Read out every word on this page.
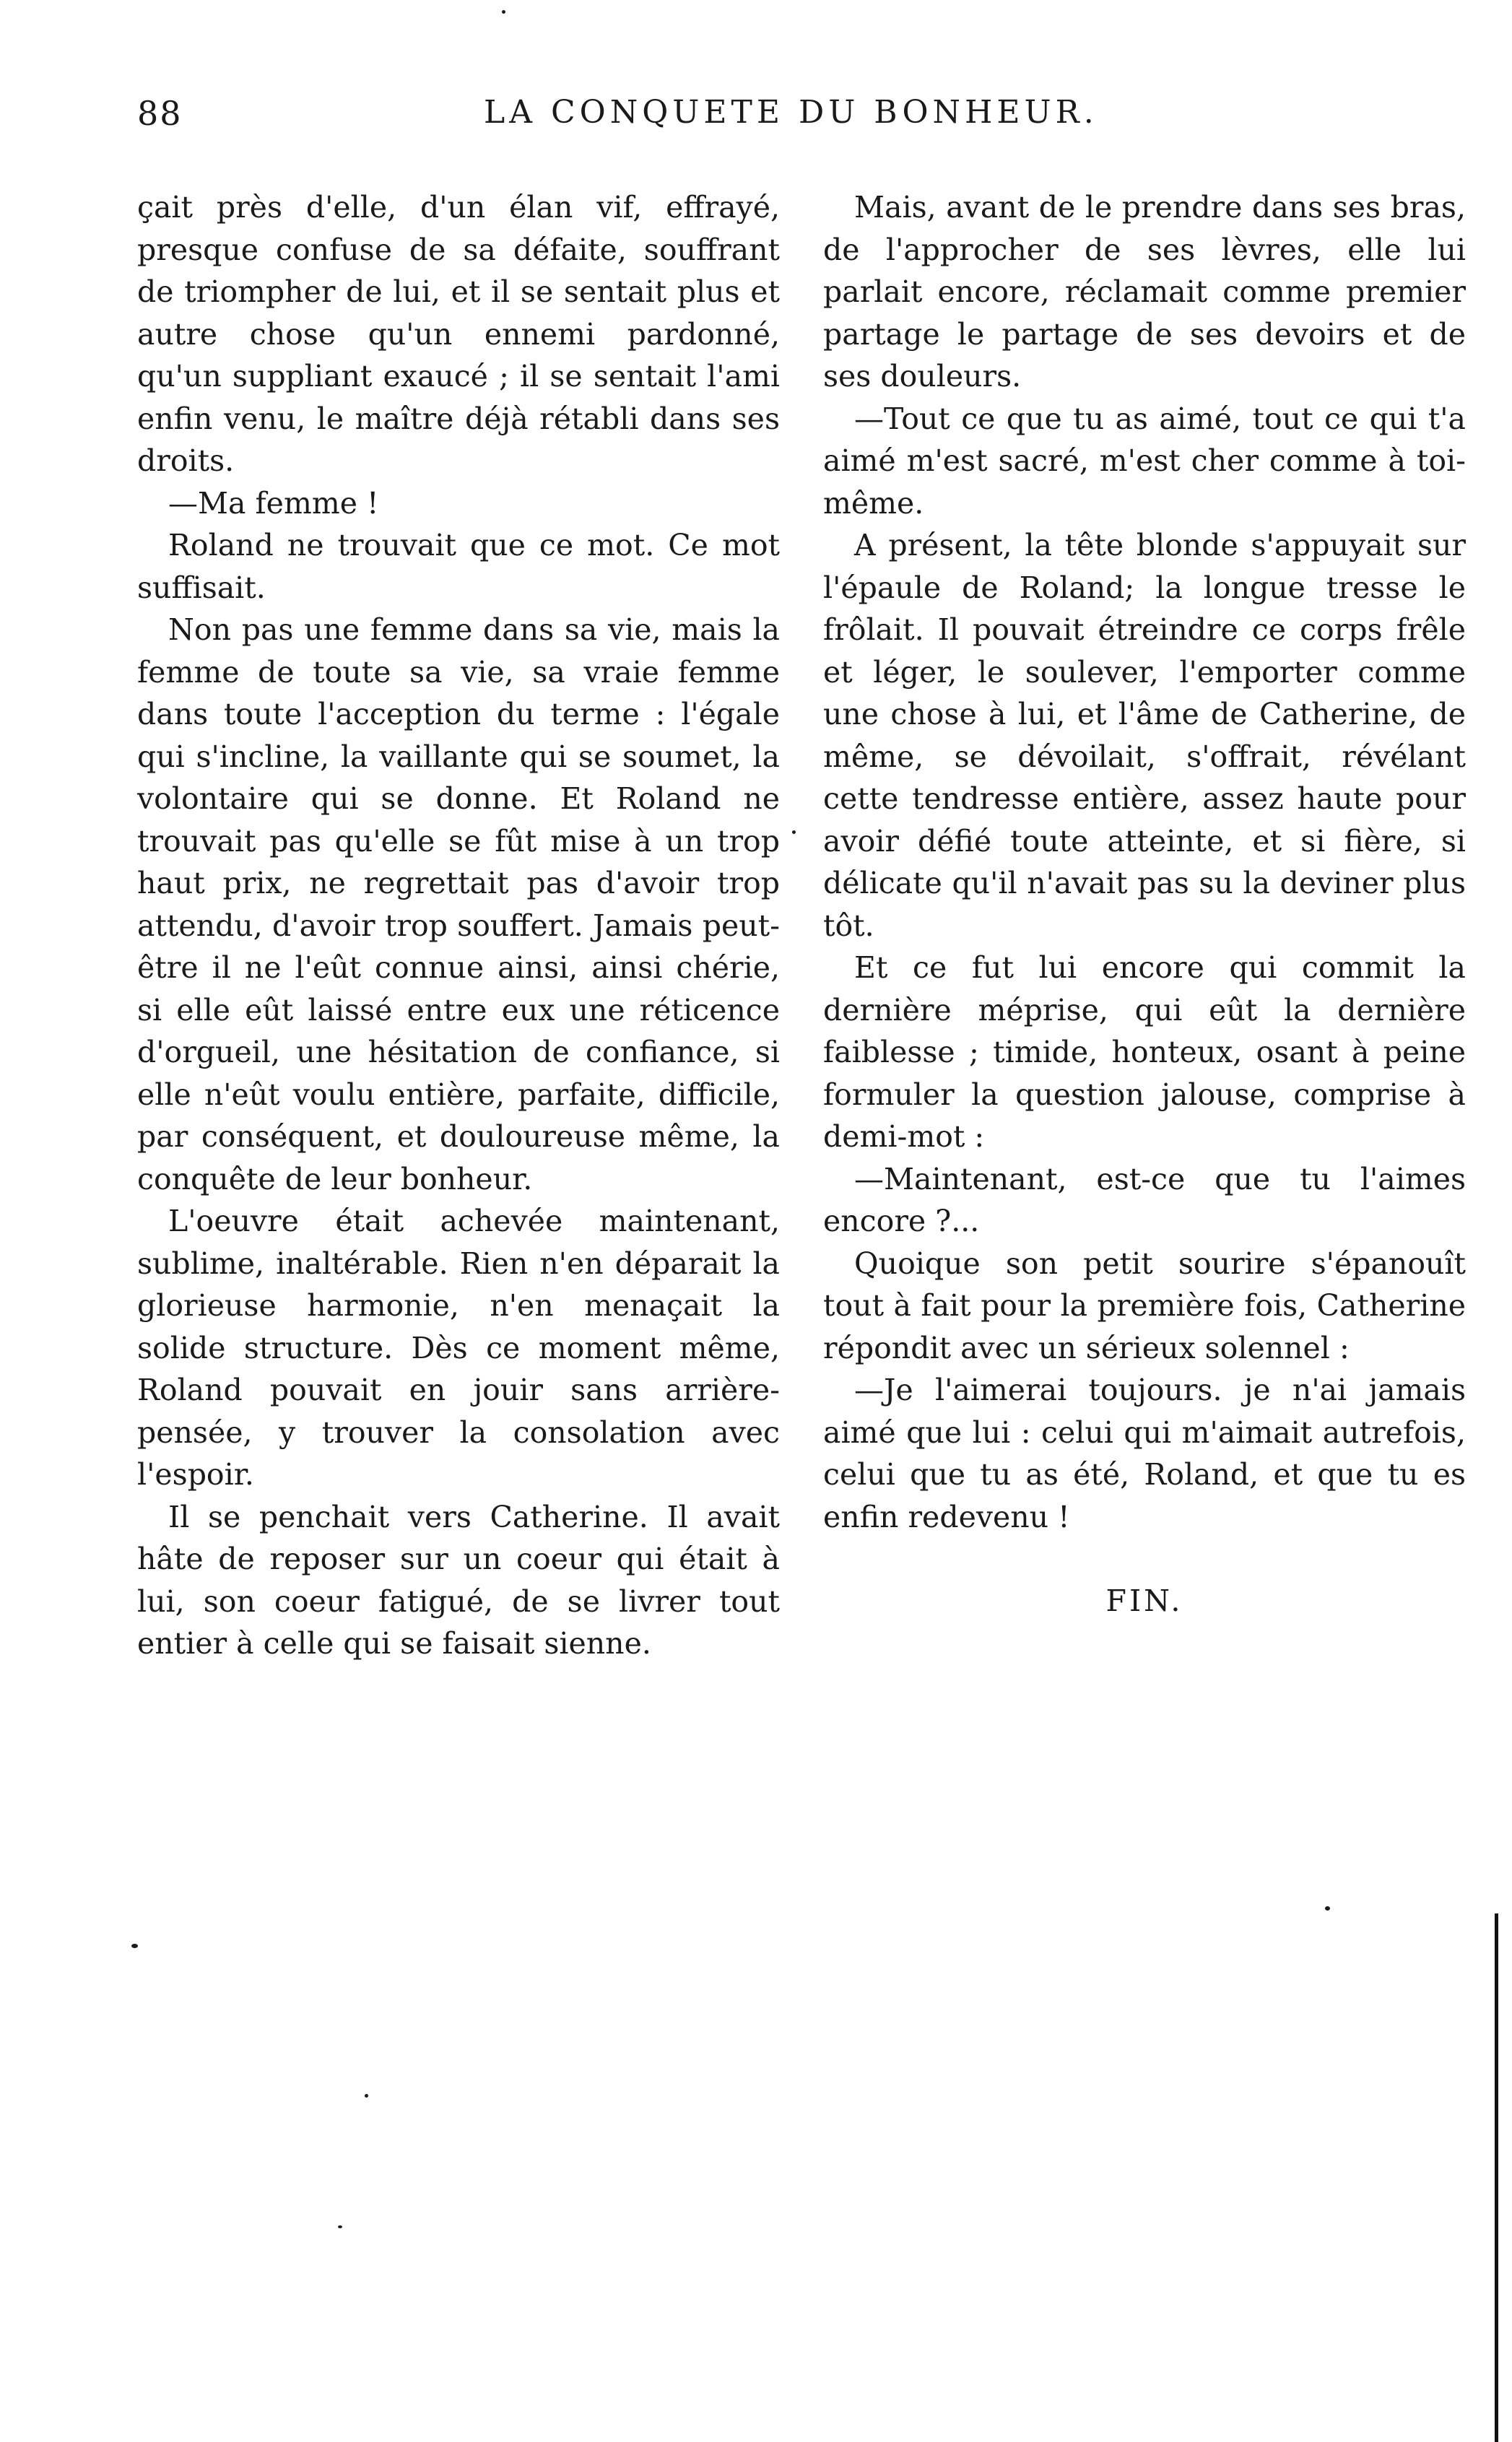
88	LA CONQUETE DU BONHEUR.

çait près d'elle, d'un élan vif, effrayé, presque confuse de sa défaite, souffrant de triompher de lui, et il se sentait plus et autre chose qu'un ennemi pardonné, qu'un suppliant exaucé ; il se sentait l'ami enfin venu, le maître déjà rétabli dans ses droits.

—Ma femme !

Roland ne trouvait que ce mot. Ce mot suffisait.

Non pas une femme dans sa vie, mais la femme de toute sa vie, sa vraie femme dans toute l'acception du terme : l'égale qui s'incline, la vaillante qui se soumet, la volontaire qui se donne. Et Roland ne trouvait pas qu'elle se fût mise à un trop haut prix, ne regrettait pas d'avoir trop attendu, d'avoir trop souffert. Jamais peut-être il ne l'eût connue ainsi, ainsi chérie, si elle eût laissé entre eux une réticence d'orgueil, une hésitation de confiance, si elle n'eût voulu entière, parfaite, difficile, par conséquent, et douloureuse même, la conquête de leur bonheur.

L'oeuvre était achevée maintenant, sublime, inaltérable. Rien n'en déparait la glorieuse harmonie, n'en menaçait la solide structure. Dès ce moment même, Roland pouvait en jouir sans arrière-pensée, y trouver la consolation avec l'espoir.

Il se penchait vers Catherine. Il avait hâte de reposer sur un coeur qui était à lui, son coeur fatigué, de se livrer tout entier à celle qui se faisait sienne.

Mais, avant de le prendre dans ses bras, de l'approcher de ses lèvres, elle lui parlait encore, réclamait comme premier partage le partage de ses devoirs et de ses douleurs.

—Tout ce que tu as aimé, tout ce qui t'a aimé m'est sacré, m'est cher comme à toi-même.

A présent, la tête blonde s'appuyait sur l'épaule de Roland; la longue tresse le frôlait. Il pouvait étreindre ce corps frêle et léger, le soulever, l'emporter comme une chose à lui, et l'âme de Catherine, de même, se dévoilait, s'offrait, révélant cette tendresse entière, assez haute pour avoir défié toute atteinte, et si fière, si délicate qu'il n'avait pas su la deviner plus tôt.

Et ce fut lui encore qui commit la dernière méprise, qui eût la dernière faiblesse ; timide, honteux, osant à peine formuler la question jalouse, comprise à demi-mot :

—Maintenant, est-ce que tu l'aimes encore ?...

Quoique son petit sourire s'épanouît tout à fait pour la première fois, Catherine répondit avec un sérieux solennel :

—Je l'aimerai toujours. je n'ai jamais aimé que lui : celui qui m'aimait autrefois, celui que tu as été, Roland, et que tu es enfin redevenu !

FIN.
